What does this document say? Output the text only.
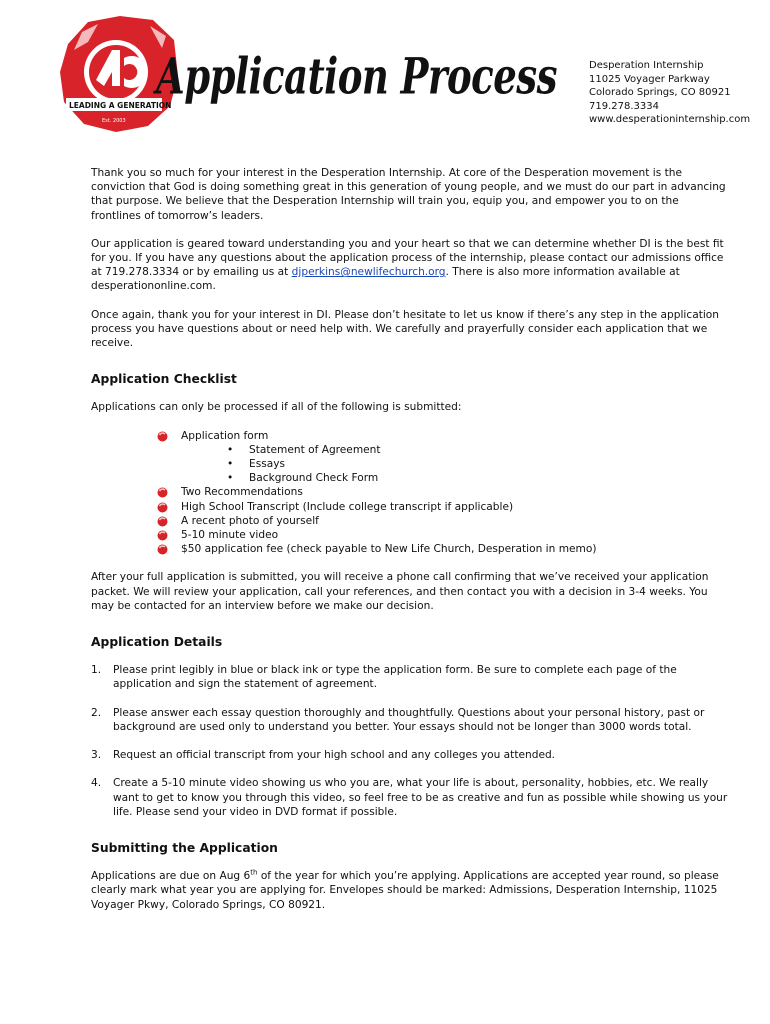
LEADING A GENERATION
Est. 2003
Application Process	Desperation Internship
11025 Voyager Parkway
Colorado Springs, CO 80921
719.278.3334
www.desperationinternship.com

Thank you so much for your interest in the Desperation Internship. At core of the Desperation movement is the conviction that God is doing something great in this generation of young people, and we must do our part in advancing that purpose. We believe that the Desperation Internship will train you, equip you, and empower you to on the frontlines of tomorrow’s leaders.

Our application is geared toward understanding you and your heart so that we can determine whether DI is the best fit for you. If you have any questions about the application process of the internship, please contact our admissions office at 719.278.3334 or by emailing us at djperkins@newlifechurch.org. There is also more information available at desperationonline.com.

Once again, thank you for your interest in DI. Please don’t hesitate to let us know if there’s any step in the application process you have questions about or need help with. We carefully and prayerfully consider each application that we receive.

Application Checklist

Applications can only be processed if all of the following is submitted:

Application form
• Statement of Agreement
• Essays
• Background Check Form
Two Recommendations
High School Transcript (Include college transcript if applicable)
A recent photo of yourself
5-10 minute video
$50 application fee (check payable to New Life Church, Desperation in memo)

After your full application is submitted, you will receive a phone call confirming that we’ve received your application packet. We will review your application, call your references, and then contact you with a decision in 3-4 weeks. You may be contacted for an interview before we make our decision.

Application Details
1. Please print legibly in blue or black ink or type the application form. Be sure to complete each page of the application and sign the statement of agreement.
2. Please answer each essay question thoroughly and thoughtfully. Questions about your personal history, past or background are used only to understand you better. Your essays should not be longer than 3000 words total.
3. Request an official transcript from your high school and any colleges you attended.
4. Create a 5-10 minute video showing us who you are, what your life is about, personality, hobbies, etc. We really want to get to know you through this video, so feel free to be as creative and fun as possible while showing us your life. Please send your video in DVD format if possible.
Submitting the Application

Applications are due on Aug 6th of the year for which you’re applying. Applications are accepted year round, so please clearly mark what year you are applying for. Envelopes should be marked: Admissions, Desperation Internship, 11025 Voyager Pkwy, Colorado Springs, CO 80921.
